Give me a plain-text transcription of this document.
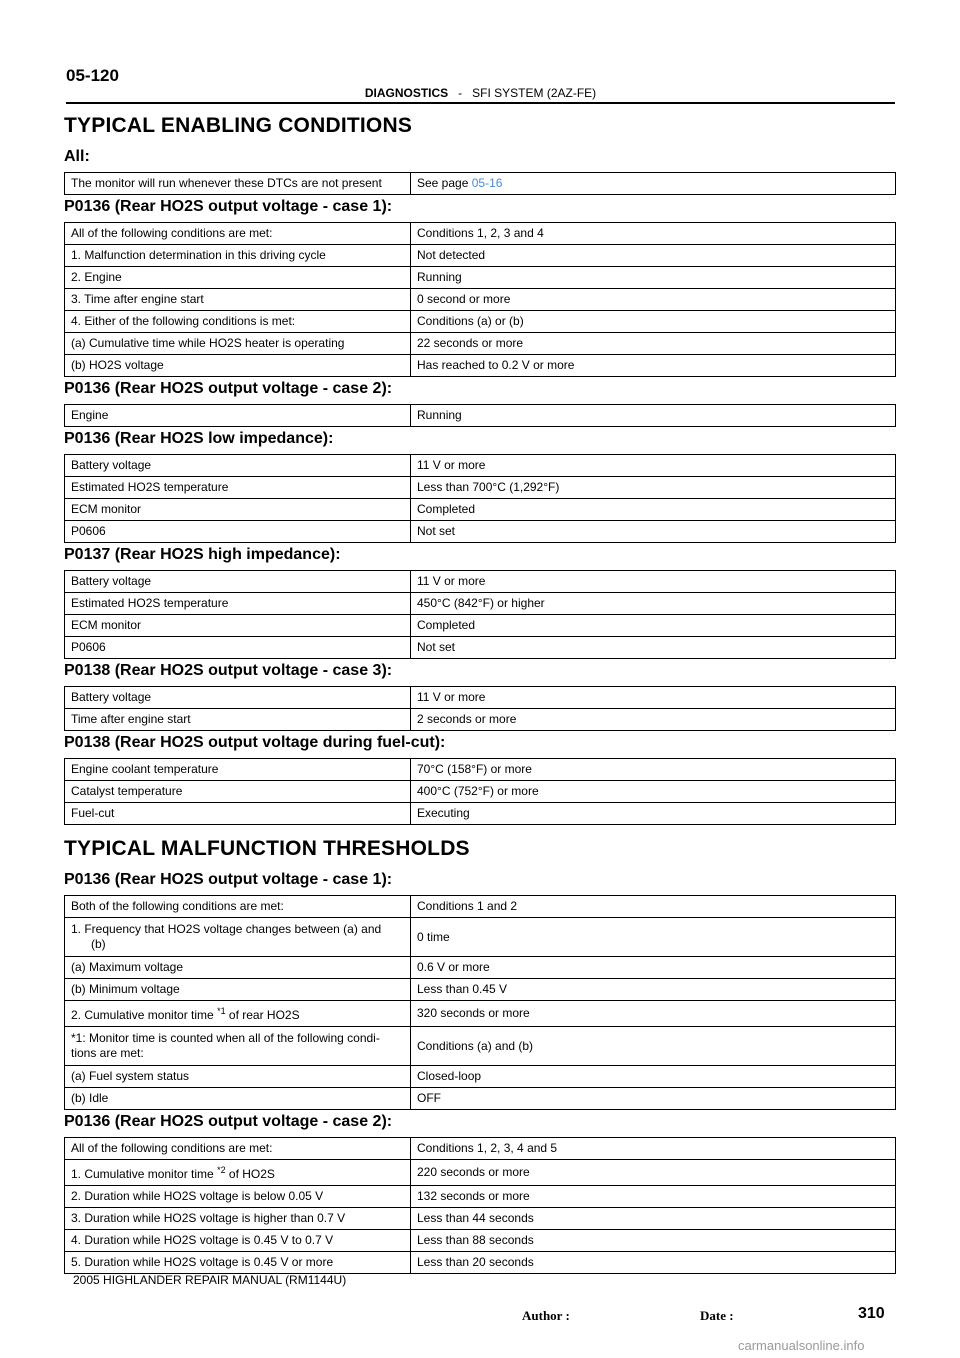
05-120
DIAGNOSTICS - SFI SYSTEM (2AZ-FE)
TYPICAL ENABLING CONDITIONS
All:
The monitor will run whenever these DTCs are not present	See page 05-16
P0136 (Rear HO2S output voltage - case 1):
All of the following conditions are met:	Conditions 1, 2, 3 and 4
1. Malfunction determination in this driving cycle	Not detected
2. Engine	Running
3. Time after engine start	0 second or more
4. Either of the following conditions is met:	Conditions (a) or (b)
(a) Cumulative time while HO2S heater is operating	22 seconds or more
(b) HO2S voltage	Has reached to 0.2 V or more
P0136 (Rear HO2S output voltage - case 2):
Engine	Running
P0136 (Rear HO2S low impedance):
Battery voltage	11 V or more
Estimated HO2S temperature	Less than 700°C (1,292°F)
ECM monitor	Completed
P0606	Not set
P0137 (Rear HO2S high impedance):
Battery voltage	11 V or more
Estimated HO2S temperature	450°C (842°F) or higher
ECM monitor	Completed
P0606	Not set
P0138 (Rear HO2S output voltage - case 3):
Battery voltage	11 V or more
Time after engine start	2 seconds or more
P0138 (Rear HO2S output voltage during fuel-cut):
Engine coolant temperature	70°C (158°F) or more
Catalyst temperature	400°C (752°F) or more
Fuel-cut	Executing
TYPICAL MALFUNCTION THRESHOLDS
P0136 (Rear HO2S output voltage - case 1):
Both of the following conditions are met:	Conditions 1 and 2
1. Frequency that HO2S voltage changes between (a) and
(b)	0 time
(a) Maximum voltage	0.6 V or more
(b) Minimum voltage	Less than 0.45 V
2. Cumulative monitor time $^{*1}$ of rear HO2S	320 seconds or more
*1: Monitor time is counted when all of the following condi-
tions are met:	Conditions (a) and (b)
(a) Fuel system status	Closed-loop
(b) Idle	OFF
P0136 (Rear HO2S output voltage - case 2):
All of the following conditions are met:	Conditions 1, 2, 3, 4 and 5
1. Cumulative monitor time $^{*2}$ of HO2S	220 seconds or more
2. Duration while HO2S voltage is below 0.05 V	132 seconds or more
3. Duration while HO2S voltage is higher than 0.7 V	Less than 44 seconds
4. Duration while HO2S voltage is 0.45 V to 0.7 V	Less than 88 seconds
5. Duration while HO2S voltage is 0.45 V or more	Less than 20 seconds
2005 HIGHLANDER REPAIR MANUAL (RM1144U)
Author :	Date :	310
carmanualsonline.info
